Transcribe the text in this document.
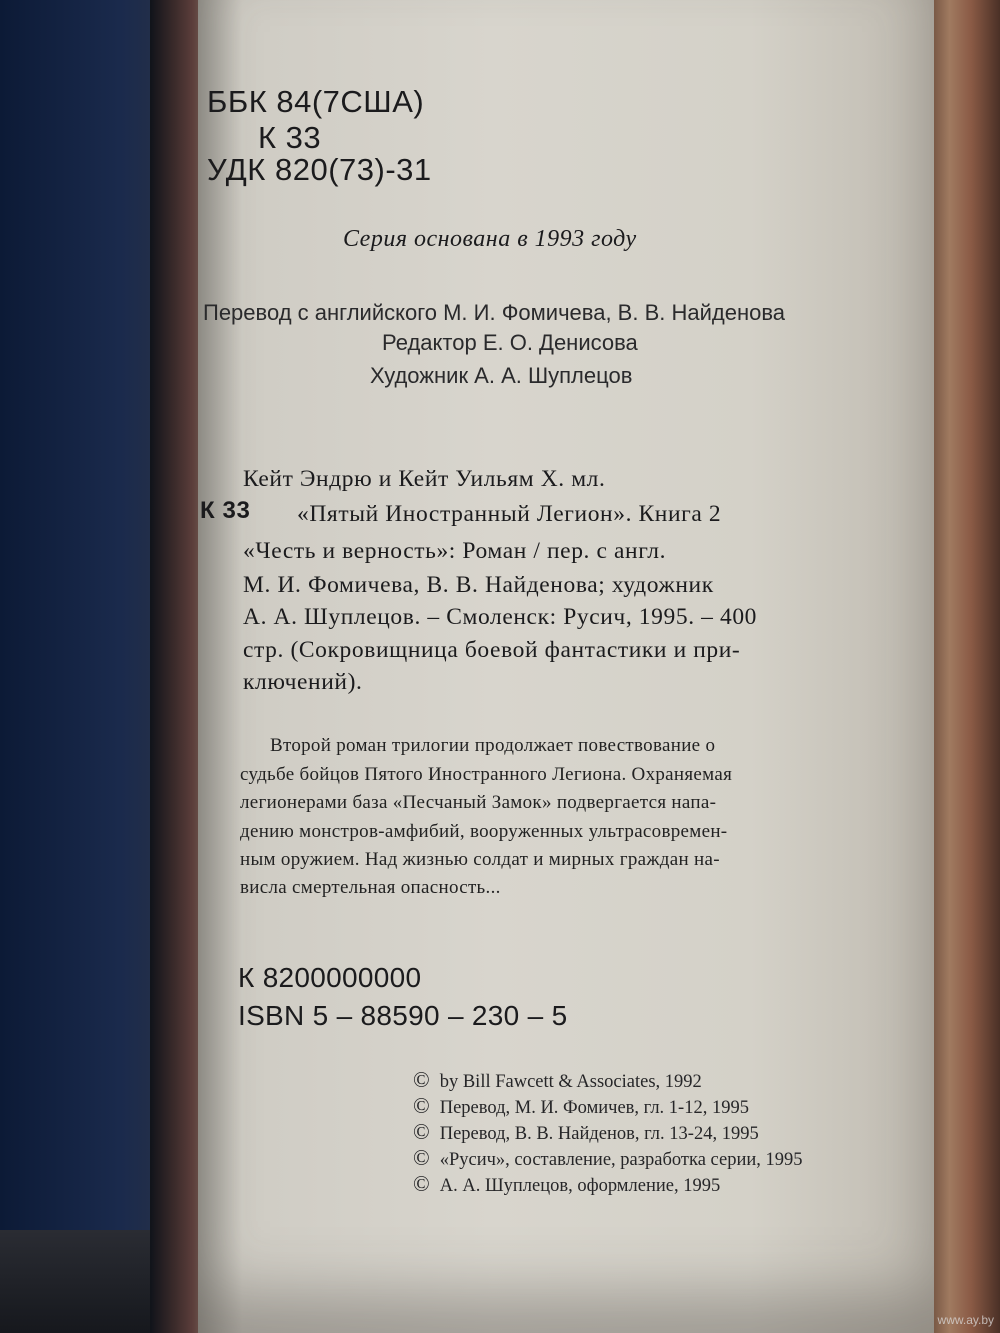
ББК 84(7США)
К 33
УДК 820(73)-31
Серия основана в 1993 году
Перевод с английского М. И. Фомичева, В. В. Найденова
Редактор Е. О. Денисова
Художник А. А. Шуплецов
Кейт Эндрю и Кейт Уильям Х. мл.
К 33 «Пятый Иностранный Легион». Книга 2
«Честь и верность»: Роман / пер. с англ.
М. И. Фомичева, В. В. Найденова; художник
А. А. Шуплецов. – Смоленск: Русич, 1995. – 400
стр. (Сокровищница боевой фантастики и при-
ключений).
Второй роман трилогии продолжает повествование о
судьбе бойцов Пятого Иностранного Легиона. Охраняемая
легионерами база «Песчаный Замок» подвергается напа-
дению монстров-амфибий, вооруженных ультрасовремен-
ным оружием. Над жизнью солдат и мирных граждан на-
висла смертельная опасность...
К 8200000000
ISBN 5 – 88590 – 230 – 5
© by Bill Fawcett & Associates, 1992
© Перевод, М. И. Фомичев, гл. 1-12, 1995
© Перевод, В. В. Найденов, гл. 13-24, 1995
© «Русич», составление, разработка серии, 1995
© А. А. Шуплецов, оформление, 1995
www.ay.by
